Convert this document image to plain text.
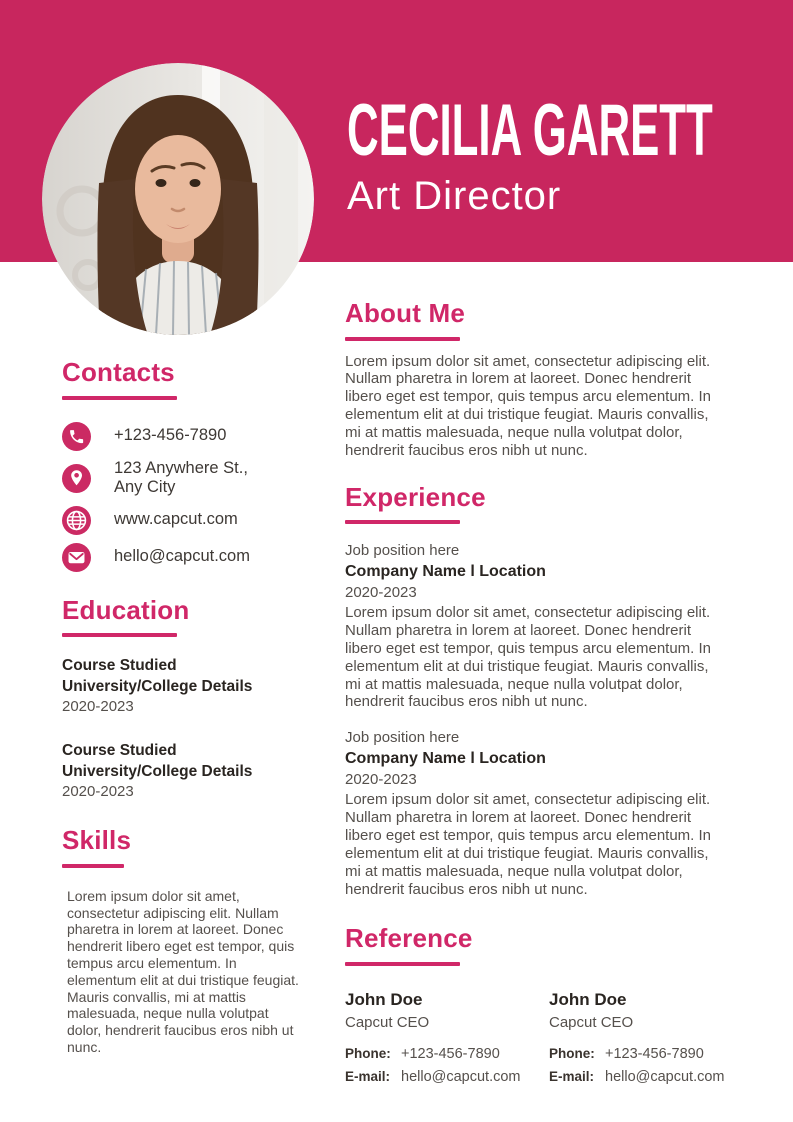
CECILIA GARETT
Art Director
Contacts
+123-456-7890
123 Anywhere St.,
Any City
www.capcut.com
hello@capcut.com
Education
Course Studied
University/College Details
2020-2023
Course Studied
University/College Details
2020-2023
Skills

Lorem ipsum dolor sit amet, consectetur adipiscing elit. Nullam pharetra in lorem at laoreet. Donec hendrerit libero eget est tempor, quis tempus arcu elementum. In elementum elit at dui tristique feugiat. Mauris convallis, mi at mattis malesuada, neque nulla volutpat dolor, hendrerit faucibus eros nibh ut nunc.

About Me

Lorem ipsum dolor sit amet, consectetur adipiscing elit. Nullam pharetra in lorem at laoreet. Donec hendrerit libero eget est tempor, quis tempus arcu elementum. In elementum elit at dui tristique feugiat. Mauris convallis, mi at mattis malesuada, neque nulla volutpat dolor, hendrerit faucibus eros nibh ut nunc.

Experience
Job position here
Company Name l Location
2020-2023

Lorem ipsum dolor sit amet, consectetur adipiscing elit. Nullam pharetra in lorem at laoreet. Donec hendrerit libero eget est tempor, quis tempus arcu elementum. In elementum elit at dui tristique feugiat. Mauris convallis, mi at mattis malesuada, neque nulla volutpat dolor, hendrerit faucibus eros nibh ut nunc.

Job position here
Company Name l Location
2020-2023

Lorem ipsum dolor sit amet, consectetur adipiscing elit. Nullam pharetra in lorem at laoreet. Donec hendrerit libero eget est tempor, quis tempus arcu elementum. In elementum elit at dui tristique feugiat. Mauris convallis, mi at mattis malesuada, neque nulla volutpat dolor, hendrerit faucibus eros nibh ut nunc.

Reference
John Doe
Capcut CEO
Phone: +123-456-7890
E-mail: hello@capcut.com
John Doe
Capcut CEO
Phone: +123-456-7890
E-mail: hello@capcut.com
